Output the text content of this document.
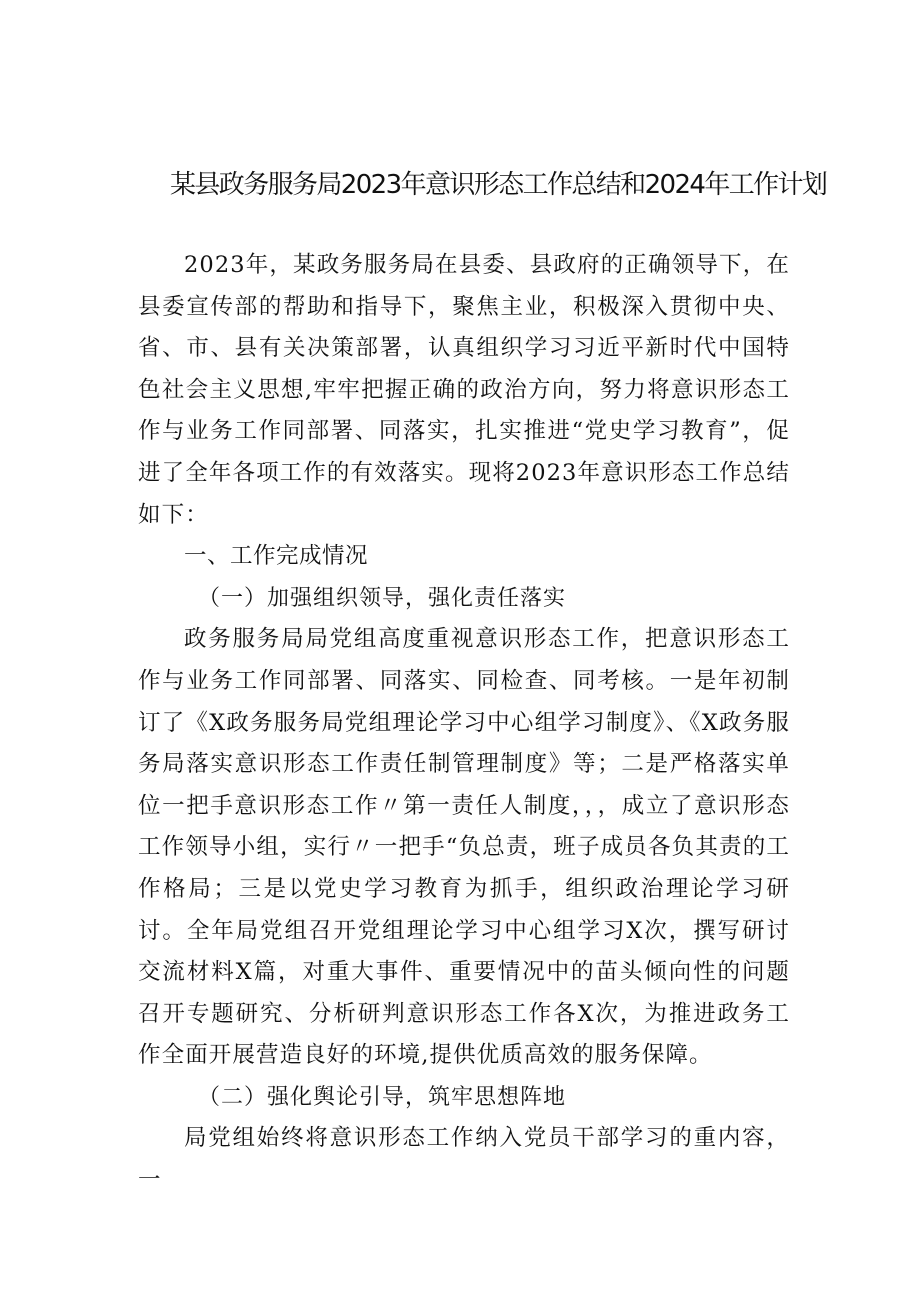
某县政务服务局2023年意识形态工作总结和2024年工作计划

2023年，某政务服务局在县委、县政府的正确领导下，在县委宣传部的帮助和指导下，聚焦主业，积极深入贯彻中央、省、市、县有关决策部署，认真组织学习习近平新时代中国特色社会主义思想,牢牢把握正确的政治方向，努力将意识形态工作与业务工作同部署、同落实，扎实推进“党史学习教育”，促进了全年各项工作的有效落实。现将2023年意识形态工作总结如下：

一、工作完成情况
（一）加强组织领导，强化责任落实

政务服务局局党组高度重视意识形态工作，把意识形态工作与业务工作同部署、同落实、同检查、同考核。一是年初制订了《X政务服务局党组理论学习中心组学习制度》、《X政务服务局落实意识形态工作责任制管理制度》等；二是严格落实单位一把手意识形态工作〃第一责任人制度，，，成立了意识形态工作领导小组，实行〃一把手“负总责，班子成员各负其责的工作格局；三是以党史学习教育为抓手，组织政治理论学习研讨。全年局党组召开党组理论学习中心组学习X次，撰写研讨交流材料X篇，对重大事件、重要情况中的苗头倾向性的问题召开专题研究、分析研判意识形态工作各X次，为推进政务工作全面开展营造良好的环境,提供优质高效的服务保障。

（二）强化舆论引导，筑牢思想阵地

局党组始终将意识形态工作纳入党员干部学习的重内容，一
